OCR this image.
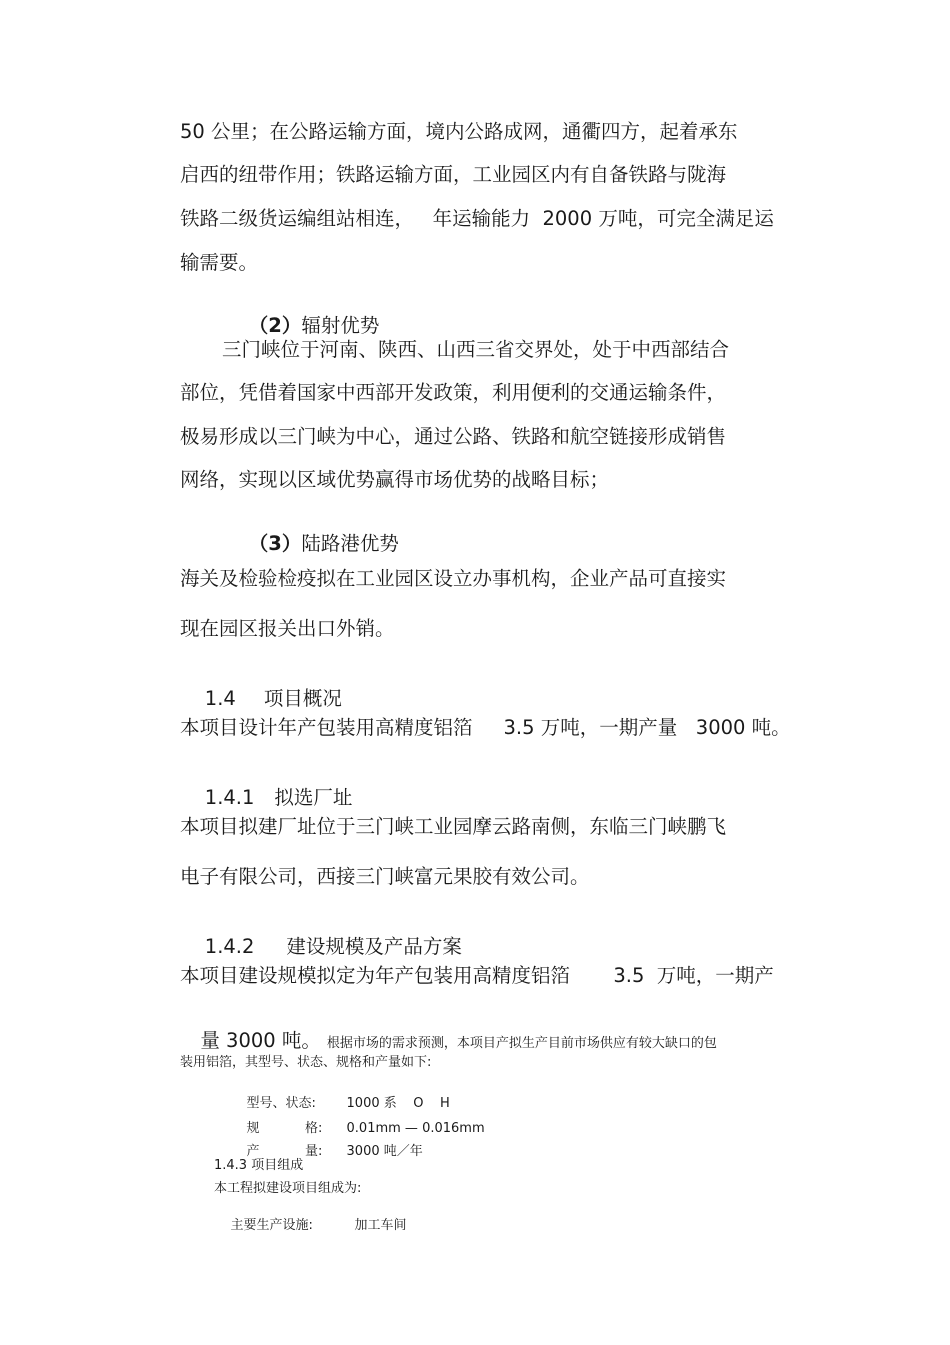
50 公里；在公路运输方面，境内公路成网，通衢四方，起着承东
启西的纽带作用；铁路运输方面，工业园区内有自备铁路与陇海
铁路二级货运编组站相连，   年运输能力  2000 万吨，可完全满足运
输需要。

（2）辐射优势

三门峡位于河南、陕西、山西三省交界处，处于中西部结合
部位，凭借着国家中西部开发政策，利用便利的交通运输条件，
极易形成以三门峡为中心，通过公路、铁路和航空链接形成销售
网络，实现以区域优势赢得市场优势的战略目标；

（3）陆路港优势

海关及检验检疫拟在工业园区设立办事机构，企业产品可直接实
现在园区报关出口外销。

1.4 项目概况

本项目设计年产包装用高精度铝箔     3.5 万吨，一期产量   3000 吨。

1.4.1 拟选厂址

本项目拟建厂址位于三门峡工业园摩云路南侧，东临三门峡鹏飞
电子有限公司，西接三门峡富元果胶有效公司。

1.4.2 建设规模及产品方案

本项目建设规模拟定为年产包装用高精度铝箔       3.5  万吨，一期产

量 3000 吨。 根据市场的需求预测，本项目产拟生产目前市场供应有较大缺口的包

装用铝箔，其型号、状态、规格和产量如下:

型号、状态: 1000 系    O    H

规           格: 0.01mm — 0.016mm

产           量: 3000 吨／年

1.4.3 项目组成
本工程拟建设项目组成为:

主要生产设施:	加工车间
